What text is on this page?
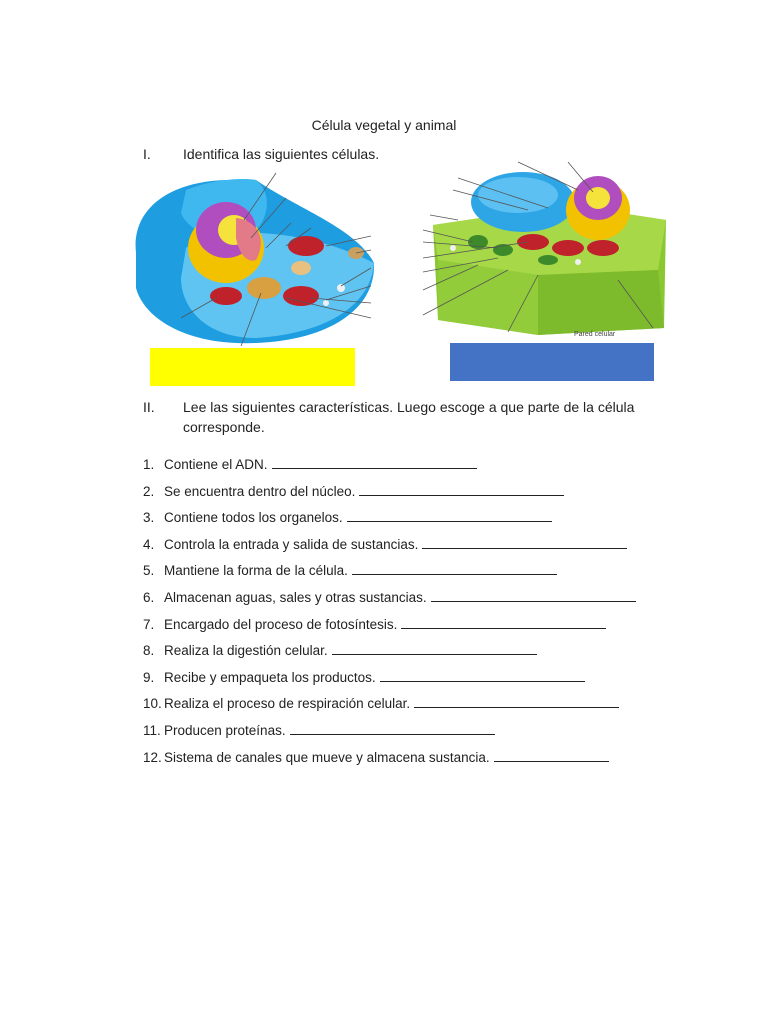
Célula vegetal y animal
I. Identifica las siguientes células.
Pared celular
II. Lee las siguientes características. Luego escoge a que parte de la célula corresponde.
1. Contiene el ADN.
2. Se encuentra dentro del núcleo.
3. Contiene todos los organelos.
4. Controla la entrada y salida de sustancias.
5. Mantiene la forma de la célula.
6. Almacenan aguas, sales y otras sustancias.
7. Encargado del proceso de fotosíntesis.
8. Realiza la digestión celular.
9. Recibe y empaqueta los productos.
10. Realiza el proceso de respiración celular.
11. Producen proteínas.
12. Sistema de canales que mueve y almacena sustancia.
